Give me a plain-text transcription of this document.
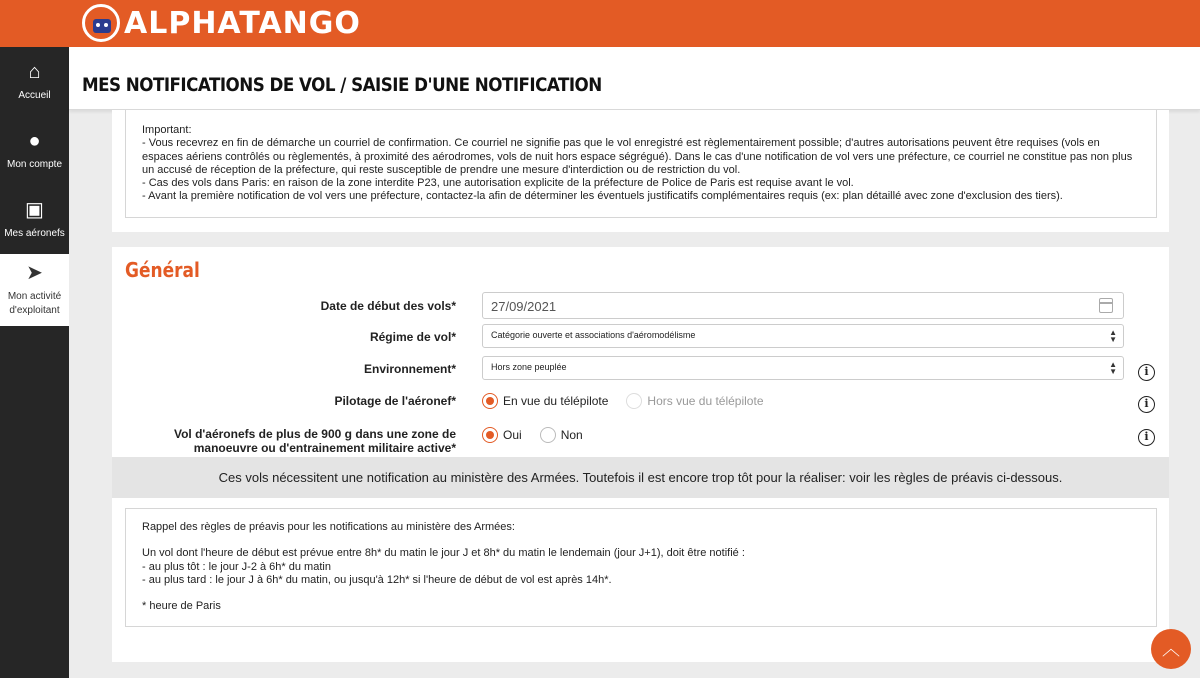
ALPHATANGO
⌂
Accueil
●
Mon compte
▣
Mes aéronefs
➤
Mon activité d'exploitant
MES NOTIFICATIONS DE VOL / SAISIE D'UNE NOTIFICATION

Important:

- Vous recevrez en fin de démarche un courriel de confirmation. Ce courriel ne signifie pas que le vol enregistré est règlementairement possible; d'autres autorisations peuvent être requises (vols en espaces aériens contrôlés ou règlementés, à proximité des aérodromes, vols de nuit hors espace ségrégué). Dans le cas d'une notification de vol vers une préfecture, ce courriel ne constitue pas non plus un accusé de réception de la préfecture, qui reste susceptible de prendre une mesure d'interdiction ou de restriction du vol.

- Cas des vols dans Paris: en raison de la zone interdite P23, une autorisation explicite de la préfecture de Police de Paris est requise avant le vol.

- Avant la première notification de vol vers une préfecture, contactez-la afin de déterminer les éventuels justificatifs complémentaires requis (ex: plan détaillé avec zone d'exclusion des tiers).

Général
Date de début des vols*	27/09/2021
Régime de vol*	Catégorie ouverte et associations d'aéromodélisme	▲
▼
Environnement*	Hors zone peuplée	▲
▼	i
Pilotage de l'aéronef*	En vue du télépilote	Hors vue du télépilote	i
Vol d'aéronefs de plus de 900 g dans une zone de manoeuvre ou d'entrainement militaire active*
Oui	Non	i
Ces vols nécessitent une notification au ministère des Armées. Toutefois il est encore trop tôt pour la réaliser: voir les règles de préavis ci-dessous.

Rappel des règles de préavis pour les notifications au ministère des Armées:

Un vol dont l'heure de début est prévue entre 8h* du matin le jour J et 8h* du matin le lendemain (jour J+1), doit être notifié :

- au plus tôt : le jour J-2 à 6h* du matin

- au plus tard : le jour J à 6h* du matin, ou jusqu'à 12h* si l'heure de début de vol est après 14h*.

* heure de Paris

︿
